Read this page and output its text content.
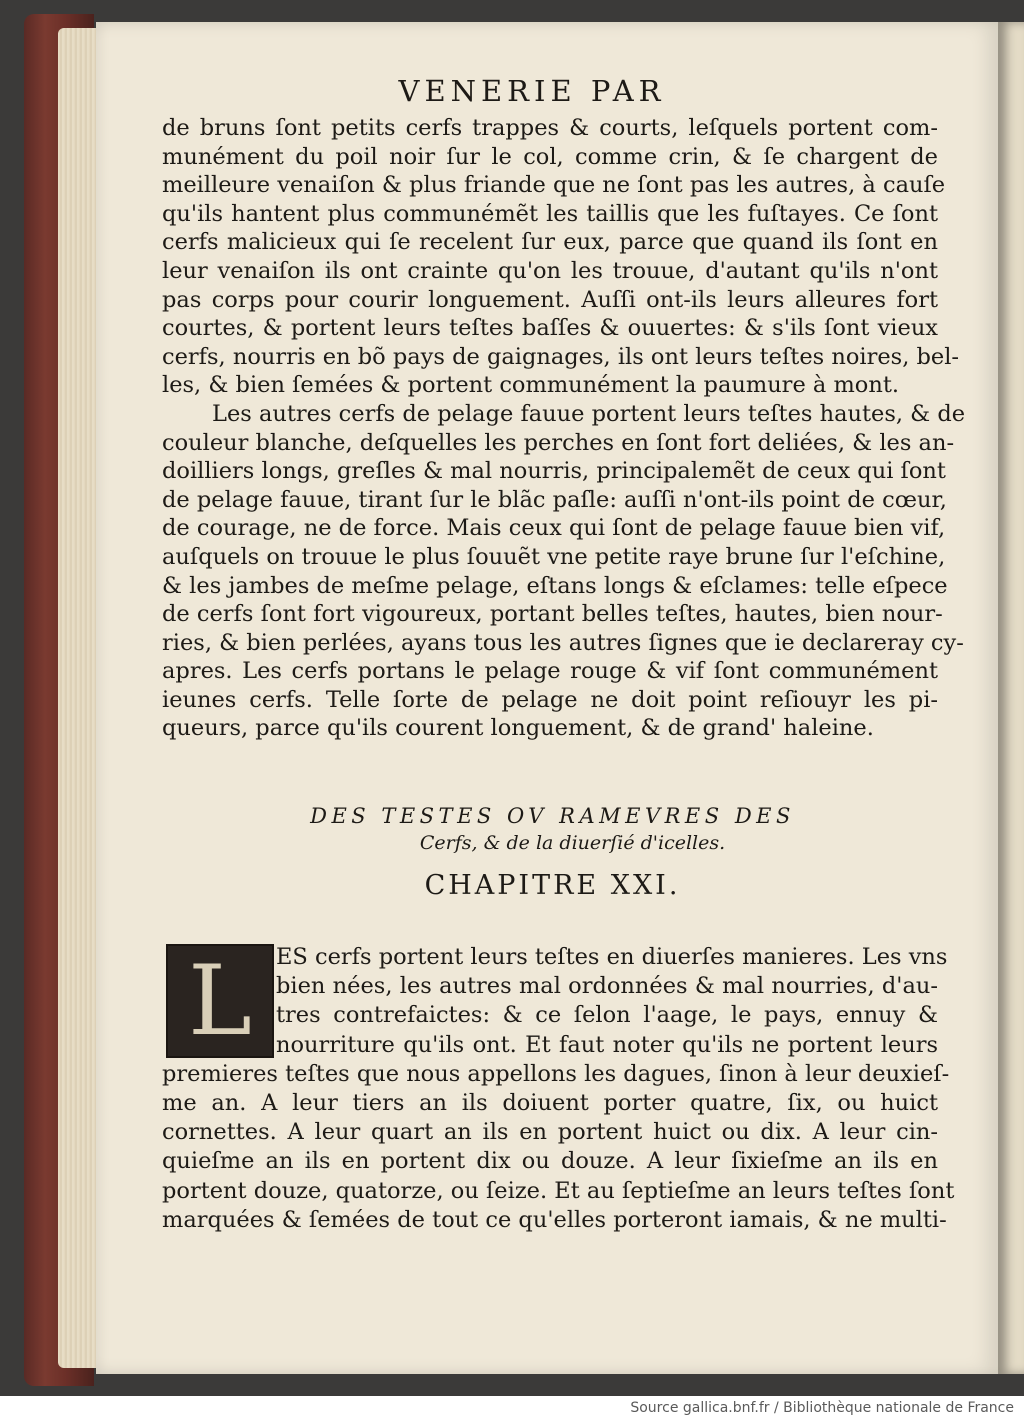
VENERIE PAR
de bruns ſont petits cerfs trappes & courts, leſquels portent com-
munément du poil noir ſur le col, comme crin, & ſe chargent de
meilleure venaiſon & plus friande que ne ſont pas les autres, à cauſe
qu'ils hantent plus communémẽt les taillis que les fuſtayes. Ce ſont
cerfs malicieux qui ſe recelent ſur eux, parce que quand ils ſont en
leur venaiſon ils ont crainte qu'on les trouue, d'autant qu'ils n'ont
pas corps pour courir longuement. Auſſi ont-ils leurs alleures fort
courtes, & portent leurs teſtes baſſes & ouuertes: & s'ils ſont vieux
cerfs, nourris en bõ pays de gaignages, ils ont leurs teſtes noires, bel-
les, & bien ſemées & portent communément la paumure à mont.
Les autres cerfs de pelage fauue portent leurs teſtes hautes, & de
couleur blanche, deſquelles les perches en ſont fort deliées, & les an-
doilliers longs, greſles & mal nourris, principalemẽt de ceux qui ſont
de pelage fauue, tirant ſur le blãc paſle: auſſi n'ont-ils point de cœur,
de courage, ne de force. Mais ceux qui ſont de pelage fauue bien vif,
auſquels on trouue le plus ſouuẽt vne petite raye brune ſur l'eſchine,
& les jambes de meſme pelage, eſtans longs & eſclames: telle eſpece
de cerfs ſont fort vigoureux, portant belles teſtes, hautes, bien nour-
ries, & bien perlées, ayans tous les autres ſignes que ie declareray cy-
apres. Les cerfs portans le pelage rouge & vif ſont communément
ieunes cerfs. Telle ſorte de pelage ne doit point reſiouyr les pi-
queurs, parce qu'ils courent longuement, & de grand' haleine.
DES TESTES OV RAMEVRES DES
Cerfs, & de la diuerſié d'icelles.
CHAPITRE XXI.
L	ES cerfs portent leurs teſtes en diuerſes manieres. Les vns
bien nées, les autres mal ordonnées & mal nourries, d'au-
tres contrefaictes: & ce ſelon l'aage, le pays, ennuy &
nourriture qu'ils ont. Et faut noter qu'ils ne portent leurs
premieres teſtes que nous appellons les dagues, ſinon à leur deuxieſ-
me an. A leur tiers an ils doiuent porter quatre, ſix, ou huict
cornettes. A leur quart an ils en portent huict ou dix. A leur cin-
quieſme an ils en portent dix ou douze. A leur ſixieſme an ils en
portent douze, quatorze, ou ſeize. Et au ſeptieſme an leurs teſtes ſont
marquées & ſemées de tout ce qu'elles porteront iamais, & ne multi-
Source gallica.bnf.fr / Bibliothèque nationale de France
